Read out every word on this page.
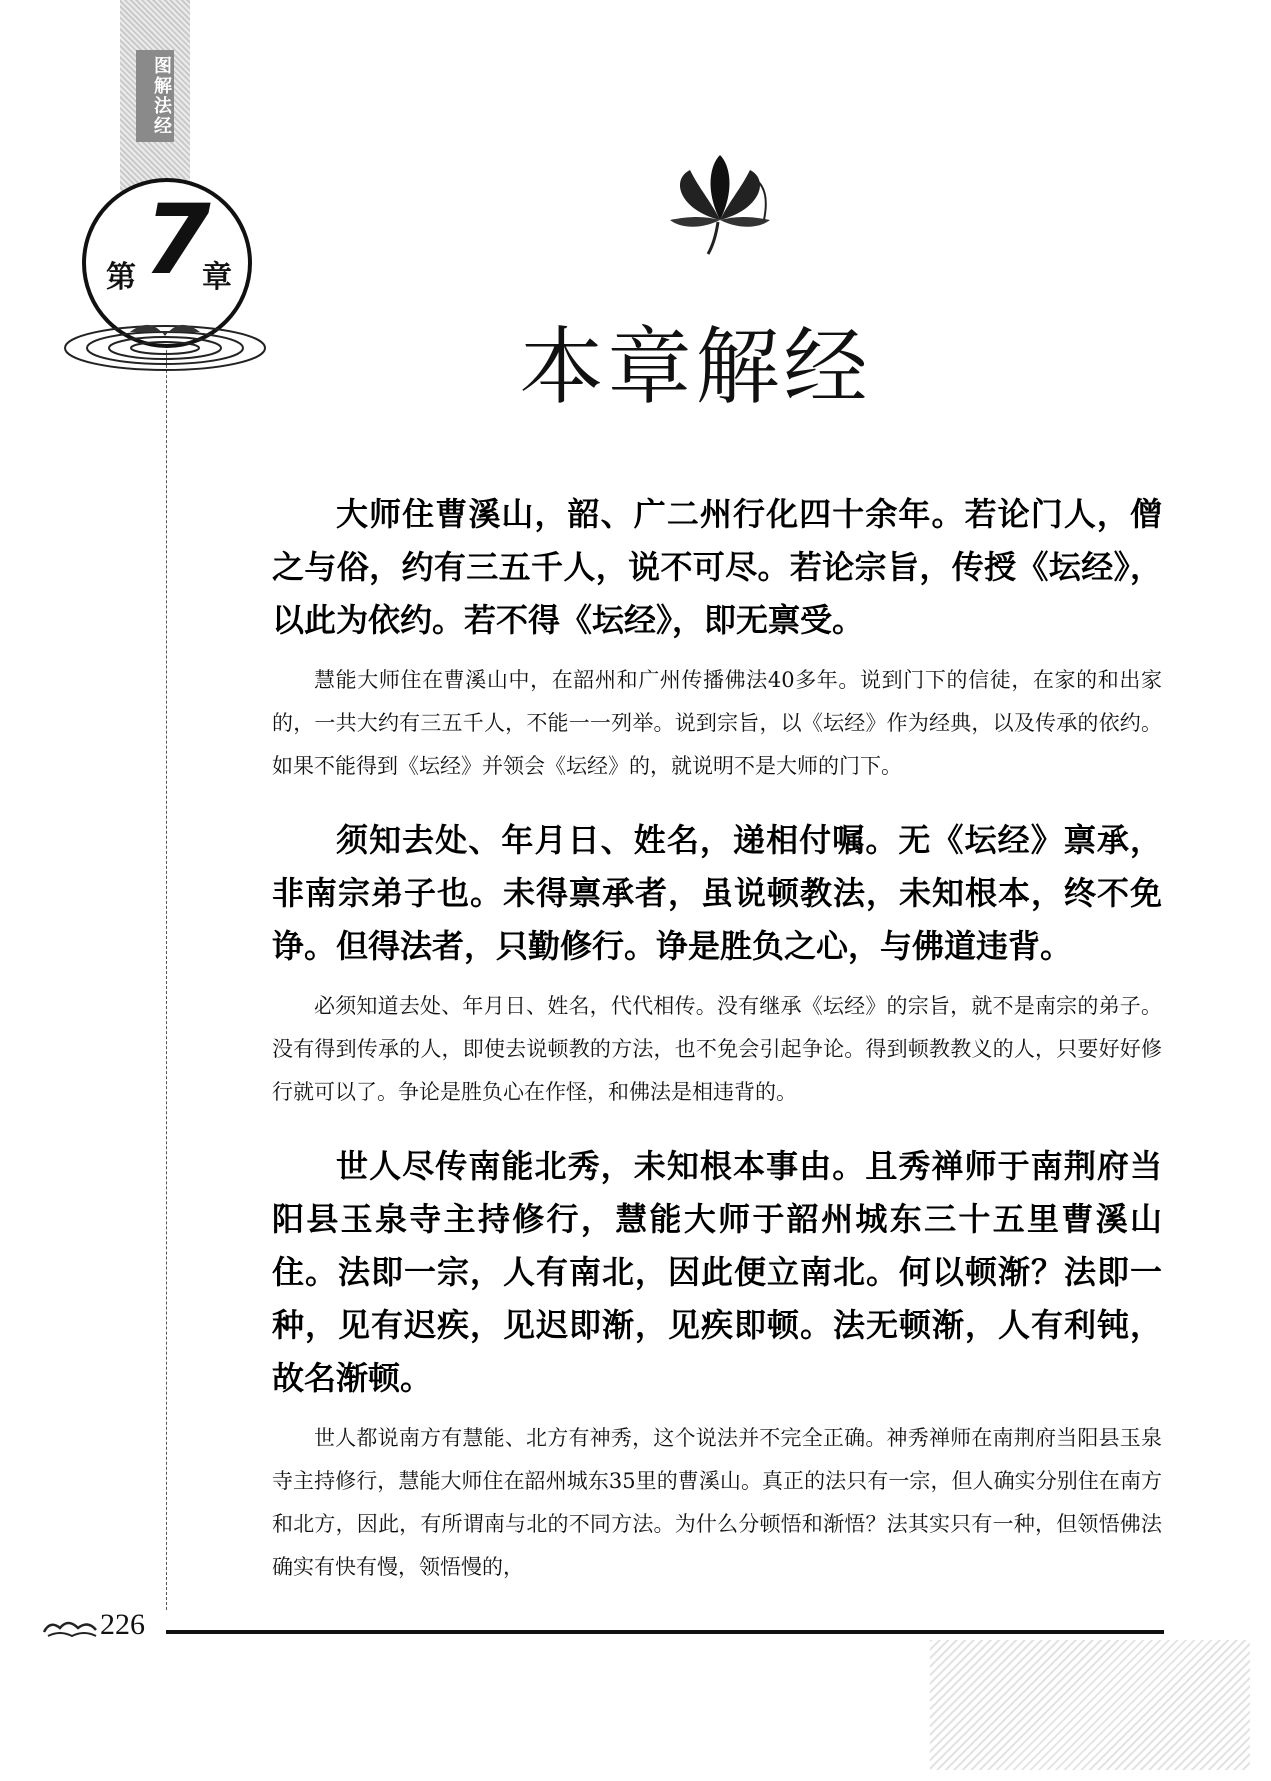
图解法经
第 7
章
本章解经

大师住曹溪山，韶、广二州行化四十余年。若论门人，僧之与俗，约有三五千人，说不可尽。若论宗旨，传授《坛经》，以此为依约。若不得《坛经》，即无禀受。

慧能大师住在曹溪山中，在韶州和广州传播佛法40多年。说到门下的信徒，在家的和出家的，一共大约有三五千人，不能一一列举。说到宗旨，以《坛经》作为经典，以及传承的依约。如果不能得到《坛经》并领会《坛经》的，就说明不是大师的门下。

须知去处、年月日、姓名，递相付嘱。无《坛经》禀承，非南宗弟子也。未得禀承者，虽说顿教法，未知根本，终不免诤。但得法者，只勤修行。诤是胜负之心，与佛道违背。

必须知道去处、年月日、姓名，代代相传。没有继承《坛经》的宗旨，就不是南宗的弟子。没有得到传承的人，即使去说顿教的方法，也不免会引起争论。得到顿教教义的人，只要好好修行就可以了。争论是胜负心在作怪，和佛法是相违背的。

世人尽传南能北秀，未知根本事由。且秀禅师于南荆府当阳县玉泉寺主持修行，慧能大师于韶州城东三十五里曹溪山住。法即一宗，人有南北，因此便立南北。何以顿渐？法即一种，见有迟疾，见迟即渐，见疾即顿。法无顿渐，人有利钝，故名渐顿。

世人都说南方有慧能、北方有神秀，这个说法并不完全正确。神秀禅师在南荆府当阳县玉泉寺主持修行，慧能大师住在韶州城东35里的曹溪山。真正的法只有一宗，但人确实分别住在南方和北方，因此，有所谓南与北的不同方法。为什么分顿悟和渐悟？法其实只有一种，但领悟佛法确实有快有慢，领悟慢的，

226
